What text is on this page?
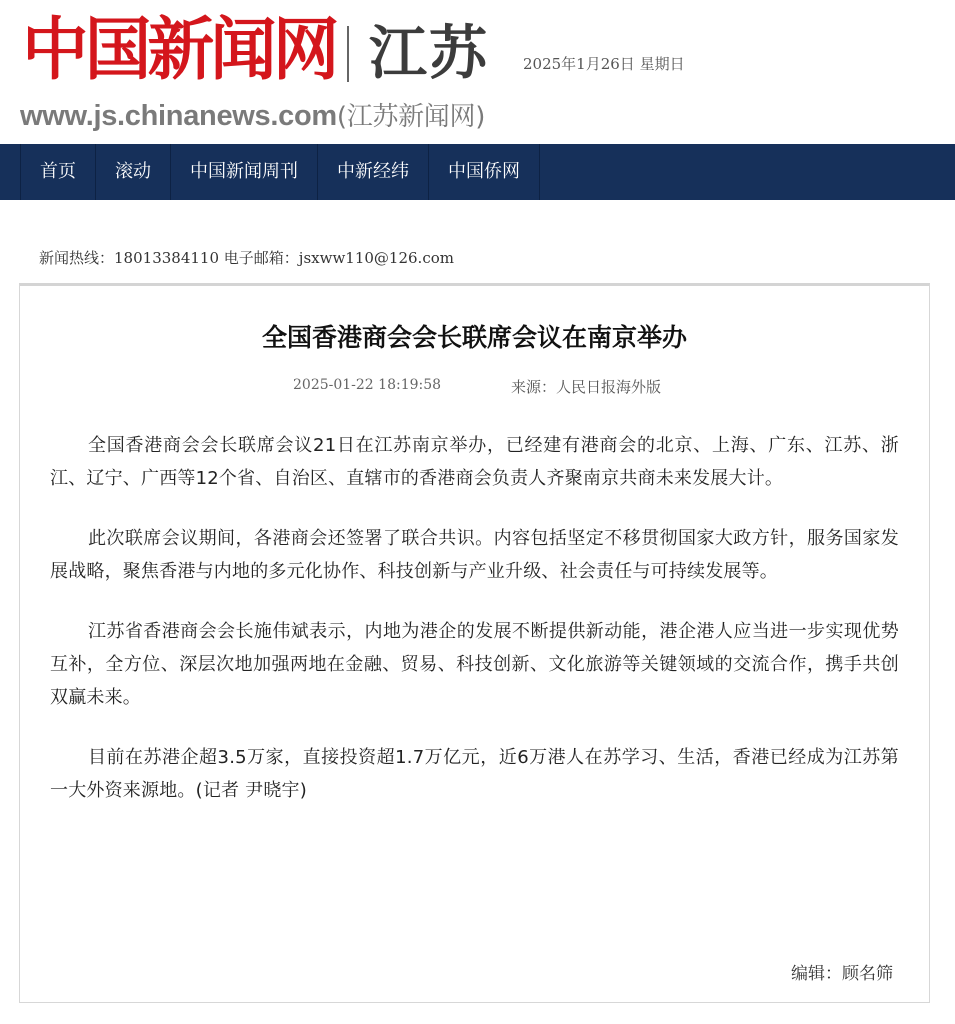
中国新闻网 江苏 2025年1月26日 星期日
www.js.chinanews.com(江苏新闻网)
首页	滚动	中国新闻周刊	中新经纬	中国侨网
新闻热线：18013384110 电子邮箱：jsxww110@126.com
全国香港商会会长联席会议在南京举办
2025-01-22 18:19:58	来源：人民日报海外版

全国香港商会会长联席会议21日在江苏南京举办，已经建有港商会的北京、上海、广东、江苏、浙江、辽宁、广西等12个省、自治区、直辖市的香港商会负责人齐聚南京共商未来发展大计。

此次联席会议期间，各港商会还签署了联合共识。内容包括坚定不移贯彻国家大政方针，服务国家发展战略，聚焦香港与内地的多元化协作、科技创新与产业升级、社会责任与可持续发展等。

江苏省香港商会会长施伟斌表示，内地为港企的发展不断提供新动能，港企港人应当进一步实现优势互补，全方位、深层次地加强两地在金融、贸易、科技创新、文化旅游等关键领域的交流合作，携手共创双赢未来。

目前在苏港企超3.5万家，直接投资超1.7万亿元，近6万港人在苏学习、生活，香港已经成为江苏第一大外资来源地。(记者 尹晓宇)

编辑：顾名筛
